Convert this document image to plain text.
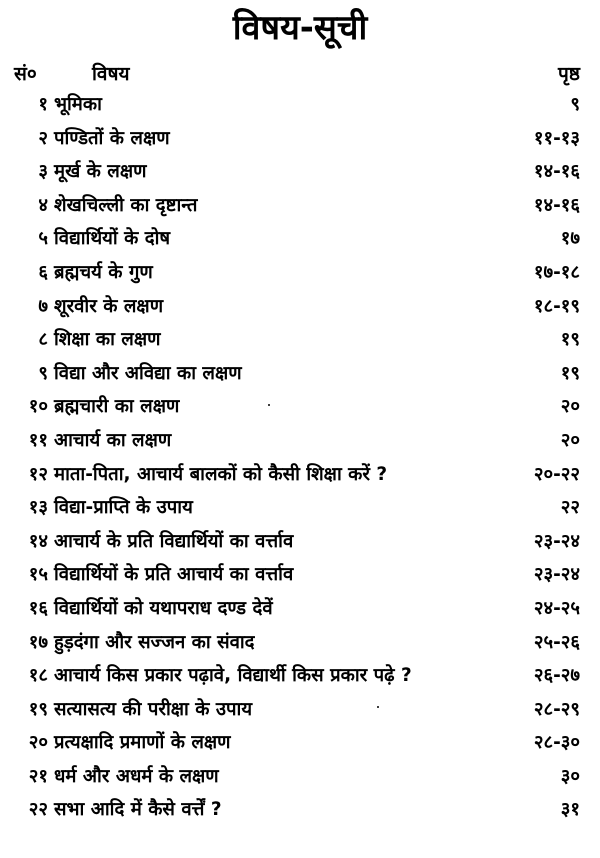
विषय-सूची
सं०	विषय	पृष्ठ
१ भूमिका	९
२ पण्डितों के लक्षण	११-१३
३ मूर्ख के लक्षण	१४-१६
४ शेखचिल्ली का दृष्टान्त	१४-१६
५ विद्यार्थियों के दोष	१७
६ ब्रह्मचर्य के गुण	१७-१८
७ शूरवीर के लक्षण	१८-१९
८ शिक्षा का लक्षण	१९
९ विद्या और अविद्या का लक्षण	१९
१० ब्रह्मचारी का लक्षण	२०
११ आचार्य का लक्षण	२०
१२ माता-पिता, आचार्य बालकों को कैसी शिक्षा करें ?	२०-२२
१३ विद्या-प्राप्ति के उपाय	२२
१४ आचार्य के प्रति विद्यार्थियों का वर्त्ताव	२३-२४
१५ विद्यार्थियों के प्रति आचार्य का वर्त्ताव	२३-२४
१६ विद्यार्थियों को यथापराध दण्ड देवें	२४-२५
१७ हुड़दंगा और सज्जन का संवाद	२५-२६
१८ आचार्य किस प्रकार पढ़ावे, विद्यार्थी किस प्रकार पढ़े ?	२६-२७
१९ सत्यासत्य की परीक्षा के उपाय	२८-२९
२० प्रत्यक्षादि प्रमाणों के लक्षण	२८-३०
२१ धर्म और अधर्म के लक्षण	३०
२२ सभा आदि में कैसे वर्त्तें ?	३१
